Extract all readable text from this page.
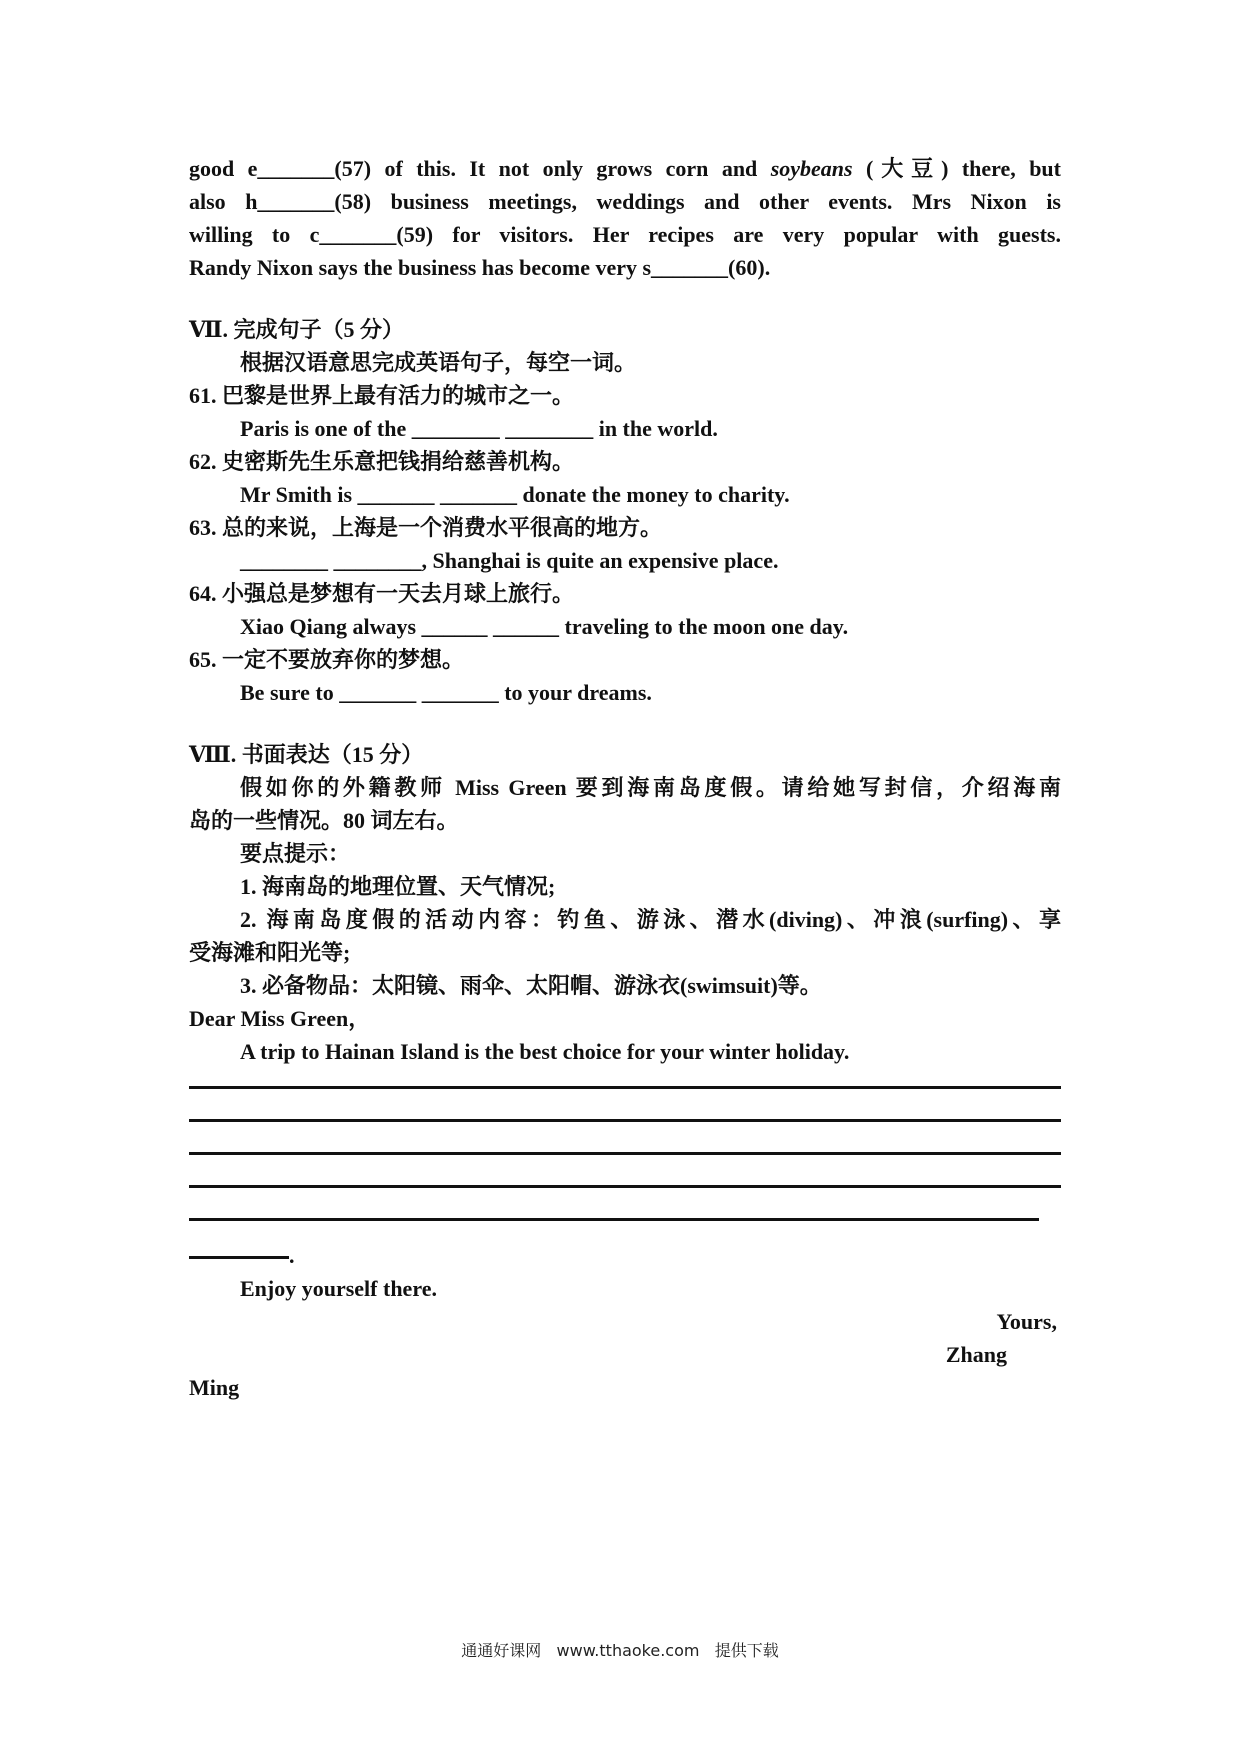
good e_______(57) of this. It not only grows corn and soybeans (大豆) there, but
also h_______(58) business meetings, weddings and other events. Mrs Nixon is
willing to c_______(59) for visitors. Her recipes are very popular with guests.
Randy Nixon says the business has become very s_______(60).
Ⅶ. 完成句子（5 分）
根据汉语意思完成英语句子，每空一词。
61. 巴黎是世界上最有活力的城市之一。
Paris is one of the ________ ________ in the world.
62. 史密斯先生乐意把钱捐给慈善机构。
Mr Smith is _______ _______ donate the money to charity.
63. 总的来说，上海是一个消费水平很高的地方。
________ ________, Shanghai is quite an expensive place.
64. 小强总是梦想有一天去月球上旅行。
Xiao Qiang always ______ ______ traveling to the moon one day.
65. 一定不要放弃你的梦想。
Be sure to _______ _______ to your dreams.
Ⅷ. 书面表达（15 分）
假如你的外籍教师 Miss Green 要到海南岛度假。请给她写封信，介绍海南
岛的一些情况。80 词左右。
要点提示：
1. 海南岛的地理位置、天气情况;
2. 海南岛度假的活动内容：钓鱼、游泳、潜水(diving)、冲浪(surfing)、享
受海滩和阳光等;
3. 必备物品：太阳镜、雨伞、太阳帽、游泳衣(swimsuit)等。
Dear Miss Green，
A trip to Hainan Island is the best choice for your winter holiday.
.
Enjoy yourself there.
Yours,
Zhang
Ming
通通好课网 www.tthaoke.com 提供下载
